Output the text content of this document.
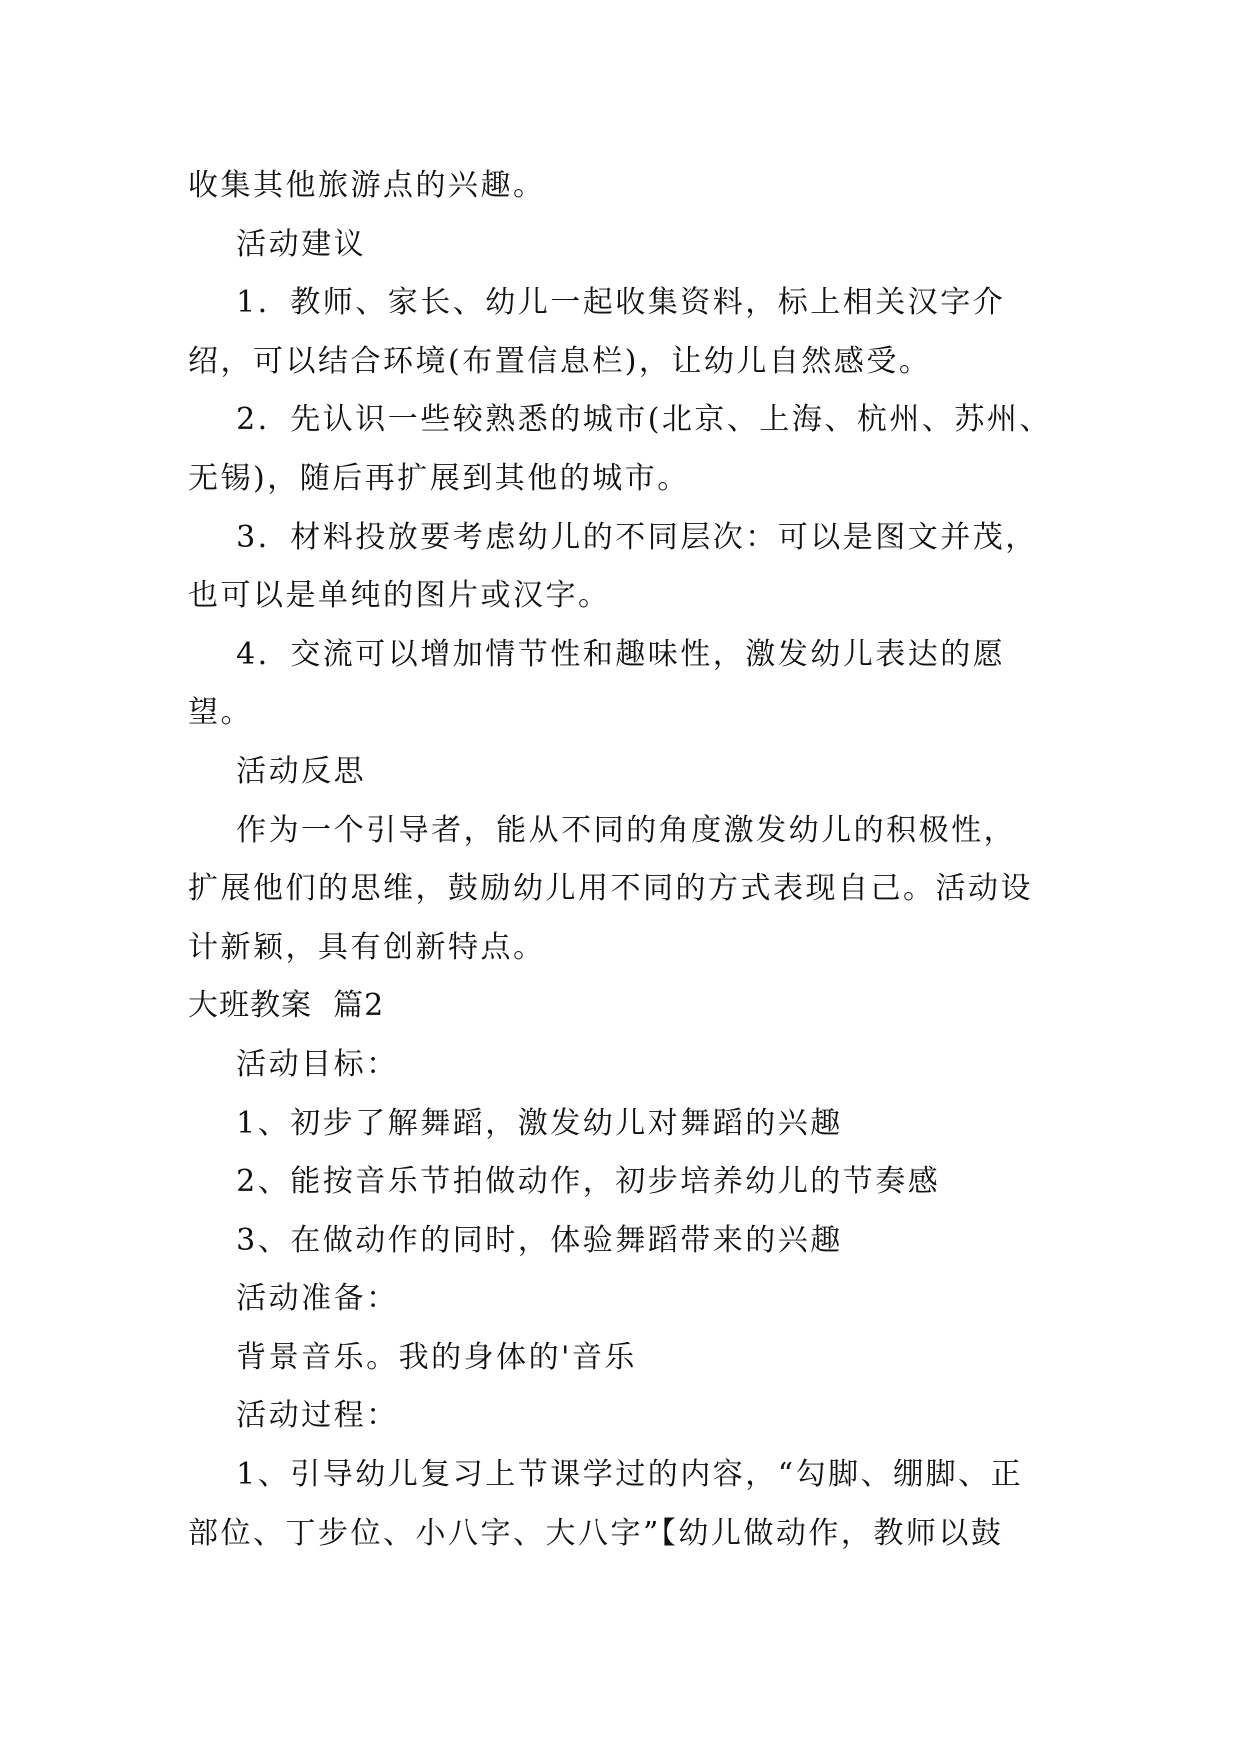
收集其他旅游点的兴趣。
活动建议
1．教师、家长、幼儿一起收集资料，标上相关汉字介
绍，可以结合环境(布置信息栏)，让幼儿自然感受。
2．先认识一些较熟悉的城市(北京、上海、杭州、苏州、
无锡)，随后再扩展到其他的城市。
3．材料投放要考虑幼儿的不同层次：可以是图文并茂，
也可以是单纯的图片或汉字。
4．交流可以增加情节性和趣味性，激发幼儿表达的愿
望。
活动反思
作为一个引导者，能从不同的角度激发幼儿的积极性，
扩展他们的思维，鼓励幼儿用不同的方式表现自己。活动设
计新颖，具有创新特点。
大班教案  篇2
活动目标：
1、初步了解舞蹈，激发幼儿对舞蹈的兴趣
2、能按音乐节拍做动作，初步培养幼儿的节奏感
3、在做动作的同时，体验舞蹈带来的兴趣
活动准备：
背景音乐。我的身体的'音乐
活动过程：
1、引导幼儿复习上节课学过的内容，“勾脚、绷脚、正
部位、丁步位、小八字、大八字”【幼儿做动作，教师以鼓
